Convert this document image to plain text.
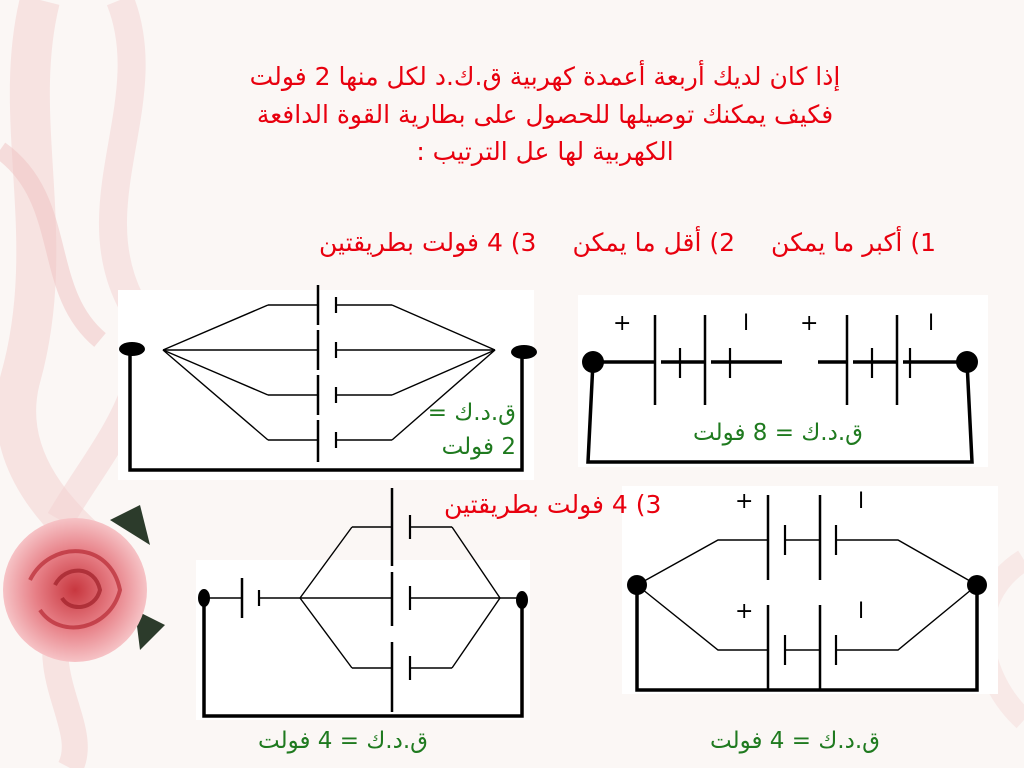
إذا كان لديك أربعة أعمدة كهربية ق.ك.د لكل منها 2 فولت
فكيف يمكنك توصيلها للحصول على بطارية القوة الدافعة
الكهربية لها عل الترتيب :
1) أكبر ما يمكن2) أقل ما يمكن3) 4 فولت بطريقتين
+	ا +	ا
+	ا
+	ا
3) 4 فولت بطريقتين
ق.د.ك = 8 فولت
ق.د.ك =
2 فولت
ق.د.ك = 4 فولت	ق.د.ك = 4 فولت
